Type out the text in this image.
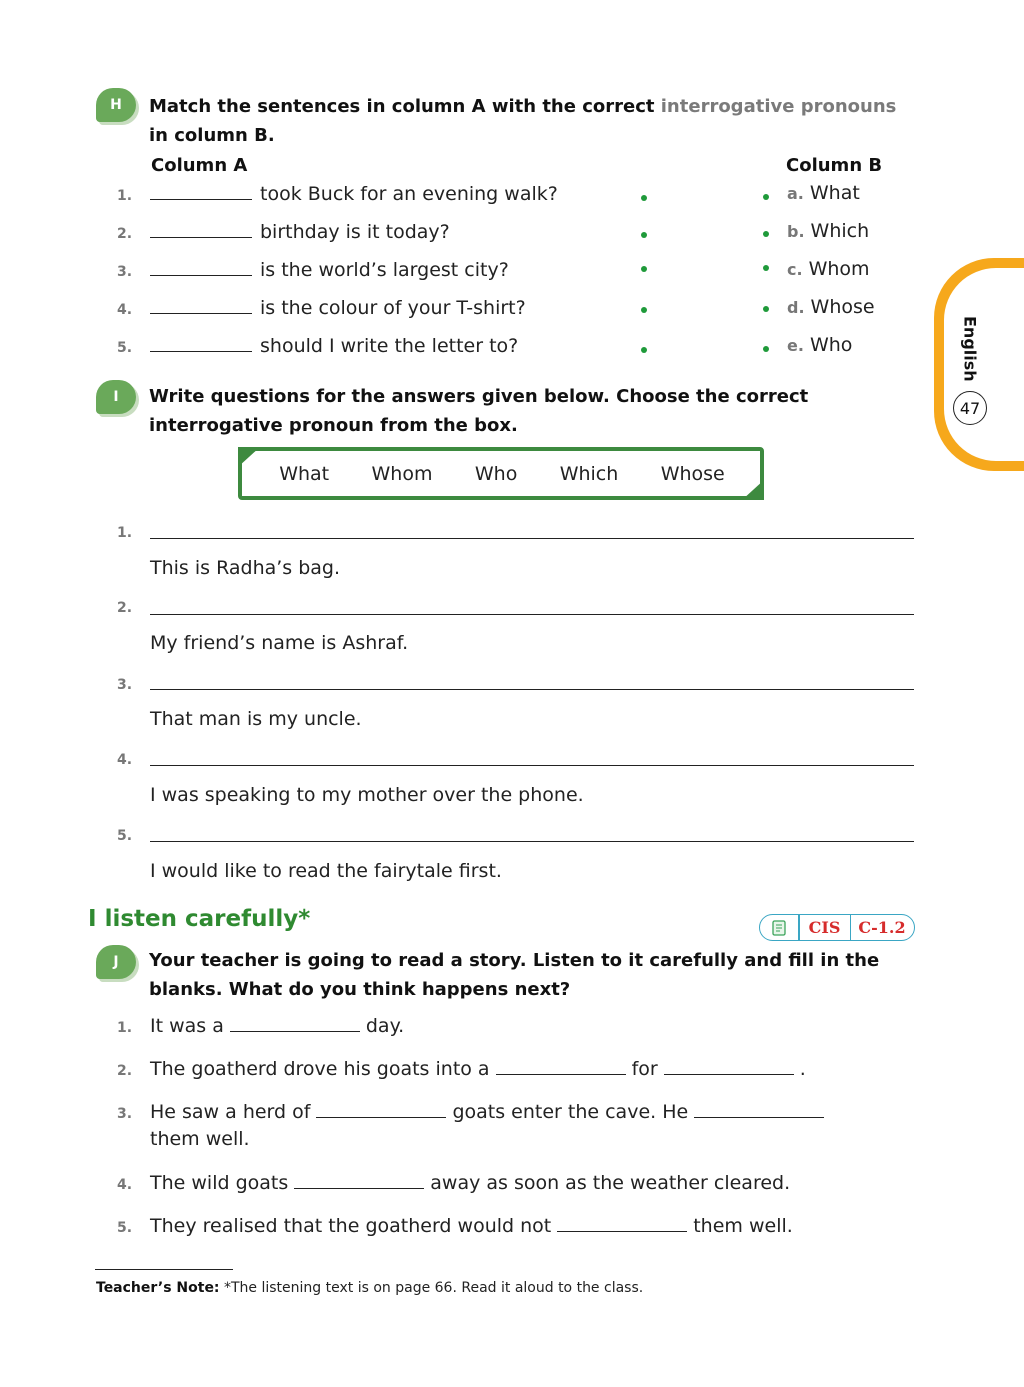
English
47
H	Match the sentences in column A with the correct interrogative pronouns in column B.
Column A	Column B
1.	took Buck for an evening walk?	a. What
2.	birthday is it today?	b. Which
3.	is the world’s largest city?	c. Whom
4.	is the colour of your T-shirt?	d. Whose
5.	should I write the letter to?	e. Who
I	Write questions for the answers given below. Choose the correct interrogative pronoun from the box.
What Whom Who Which Whose
1.
This is Radha’s bag.
2.
My friend’s name is Ashraf.
3.
That man is my uncle.
4.
I was speaking to my mother over the phone.
5.
I would like to read the fairytale first.
I listen carefully*	CIS	C-1.2
J	Your teacher is going to read a story. Listen to it carefully and fill in the blanks. What do you think happens next?
1. It was a	day.
2. The goatherd drove his goats into a	for	.
3. He saw a herd of	goats enter the cave. He
them well.
4. The wild goats	away as soon as the weather cleared.
5. They realised that the goatherd would not	them well.
Teacher’s Note: *The listening text is on page 66. Read it aloud to the class.
